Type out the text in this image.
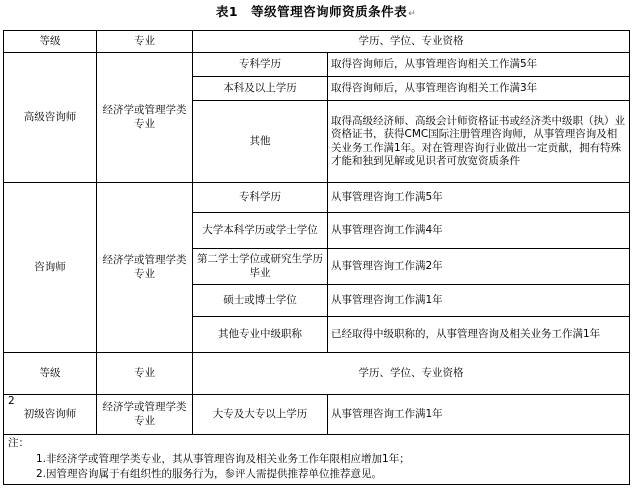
表1　等级管理咨询师资质条件表↵
等级	专业	学历、学位、专业资格	
高级咨询师	经济学或管理学类专业	专科学历	取得咨询师后，从事管理咨询相关工作满5年
		本科及以上学历	取得咨询师后，从事管理咨询相关工作满3年
		其他	取得高级经济师、高级会计师资格证书或经济类中级职（执）业资格证书，获得CMC国际注册管理咨询师，从事管理咨询及相关业务工作满1年。对在管理咨询行业做出一定贡献，拥有特殊才能和独到见解或见识者可放宽资质条件
咨询师	经济学或管理学类专业	专科学历	从事管理咨询工作满5年
		大学本科学历或学士学位	从事管理咨询工作满4年
		第二学士学位或研究生学历毕业	从事管理咨询工作满2年
		硕士或博士学位	从事管理咨询工作满1年
		其他专业中级职称	已经取得中级职称的，从事管理咨询及相关业务工作满1年
等级	专业	学历、学位、专业资格	

2
初级咨询师	经济学或管理学类专业	大专及大专以上学历	从事管理咨询工作满1年

注：
1.非经济学或管理学类专业，其从事管理咨询及相关业务工作年限相应增加1年；
2.因管理咨询属于有组织性的服务行为，参评人需提供推荐单位推荐意见。			
